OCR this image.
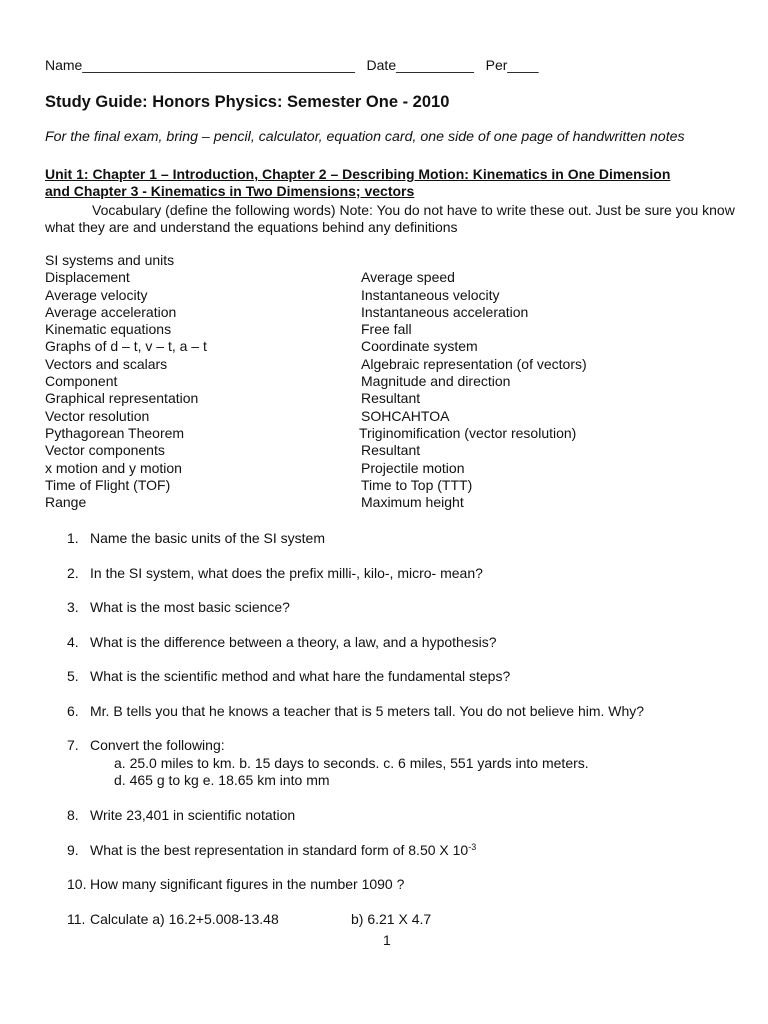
Name___________________________________ Date__________ Per____
Study Guide: Honors Physics: Semester One - 2010
For the final exam, bring – pencil, calculator, equation card, one side of one page of handwritten notes
Unit 1: Chapter 1 – Introduction, Chapter 2 – Describing Motion: Kinematics in One Dimension
and Chapter 3 - Kinematics in Two Dimensions; vectors
Vocabulary (define the following words) Note: You do not have to write these out. Just be sure you know what they are and understand the equations behind any definitions
SI systems and units
Displacement
Average velocity
Average acceleration
Kinematic equations
Graphs of d – t, v – t, a – t
Vectors and scalars
Component
Graphical representation
Vector resolution
Pythagorean Theorem
Vector components
x motion and y motion
Time of Flight (TOF)
Range
Average speed
Instantaneous velocity
Instantaneous acceleration
Free fall
Coordinate system
Algebraic representation (of vectors)
Magnitude and direction
Resultant
SOHCAHTOA
Triginomification (vector resolution)
Resultant
Projectile motion
Time to Top (TTT)
Maximum height
1. Name the basic units of the SI system
2. In the SI system, what does the prefix milli-, kilo-, micro- mean?
3. What is the most basic science?
4. What is the difference between a theory, a law, and a hypothesis?
5. What is the scientific method and what hare the fundamental steps?
6. Mr. B tells you that he knows a teacher that is 5 meters tall. You do not believe him. Why?
7. Convert the following:
a. 25.0 miles to km. b. 15 days to seconds. c. 6 miles, 551 yards into meters.
d. 465 g to kg e. 18.65 km into mm
8. Write 23,401 in scientific notation
9. What is the best representation in standard form of 8.50 X $10^{-3}$
10. How many significant figures in the number 1090 ?
11. Calculate a) 16.2+5.008-13.48	b) 6.21 X 4.7
1
